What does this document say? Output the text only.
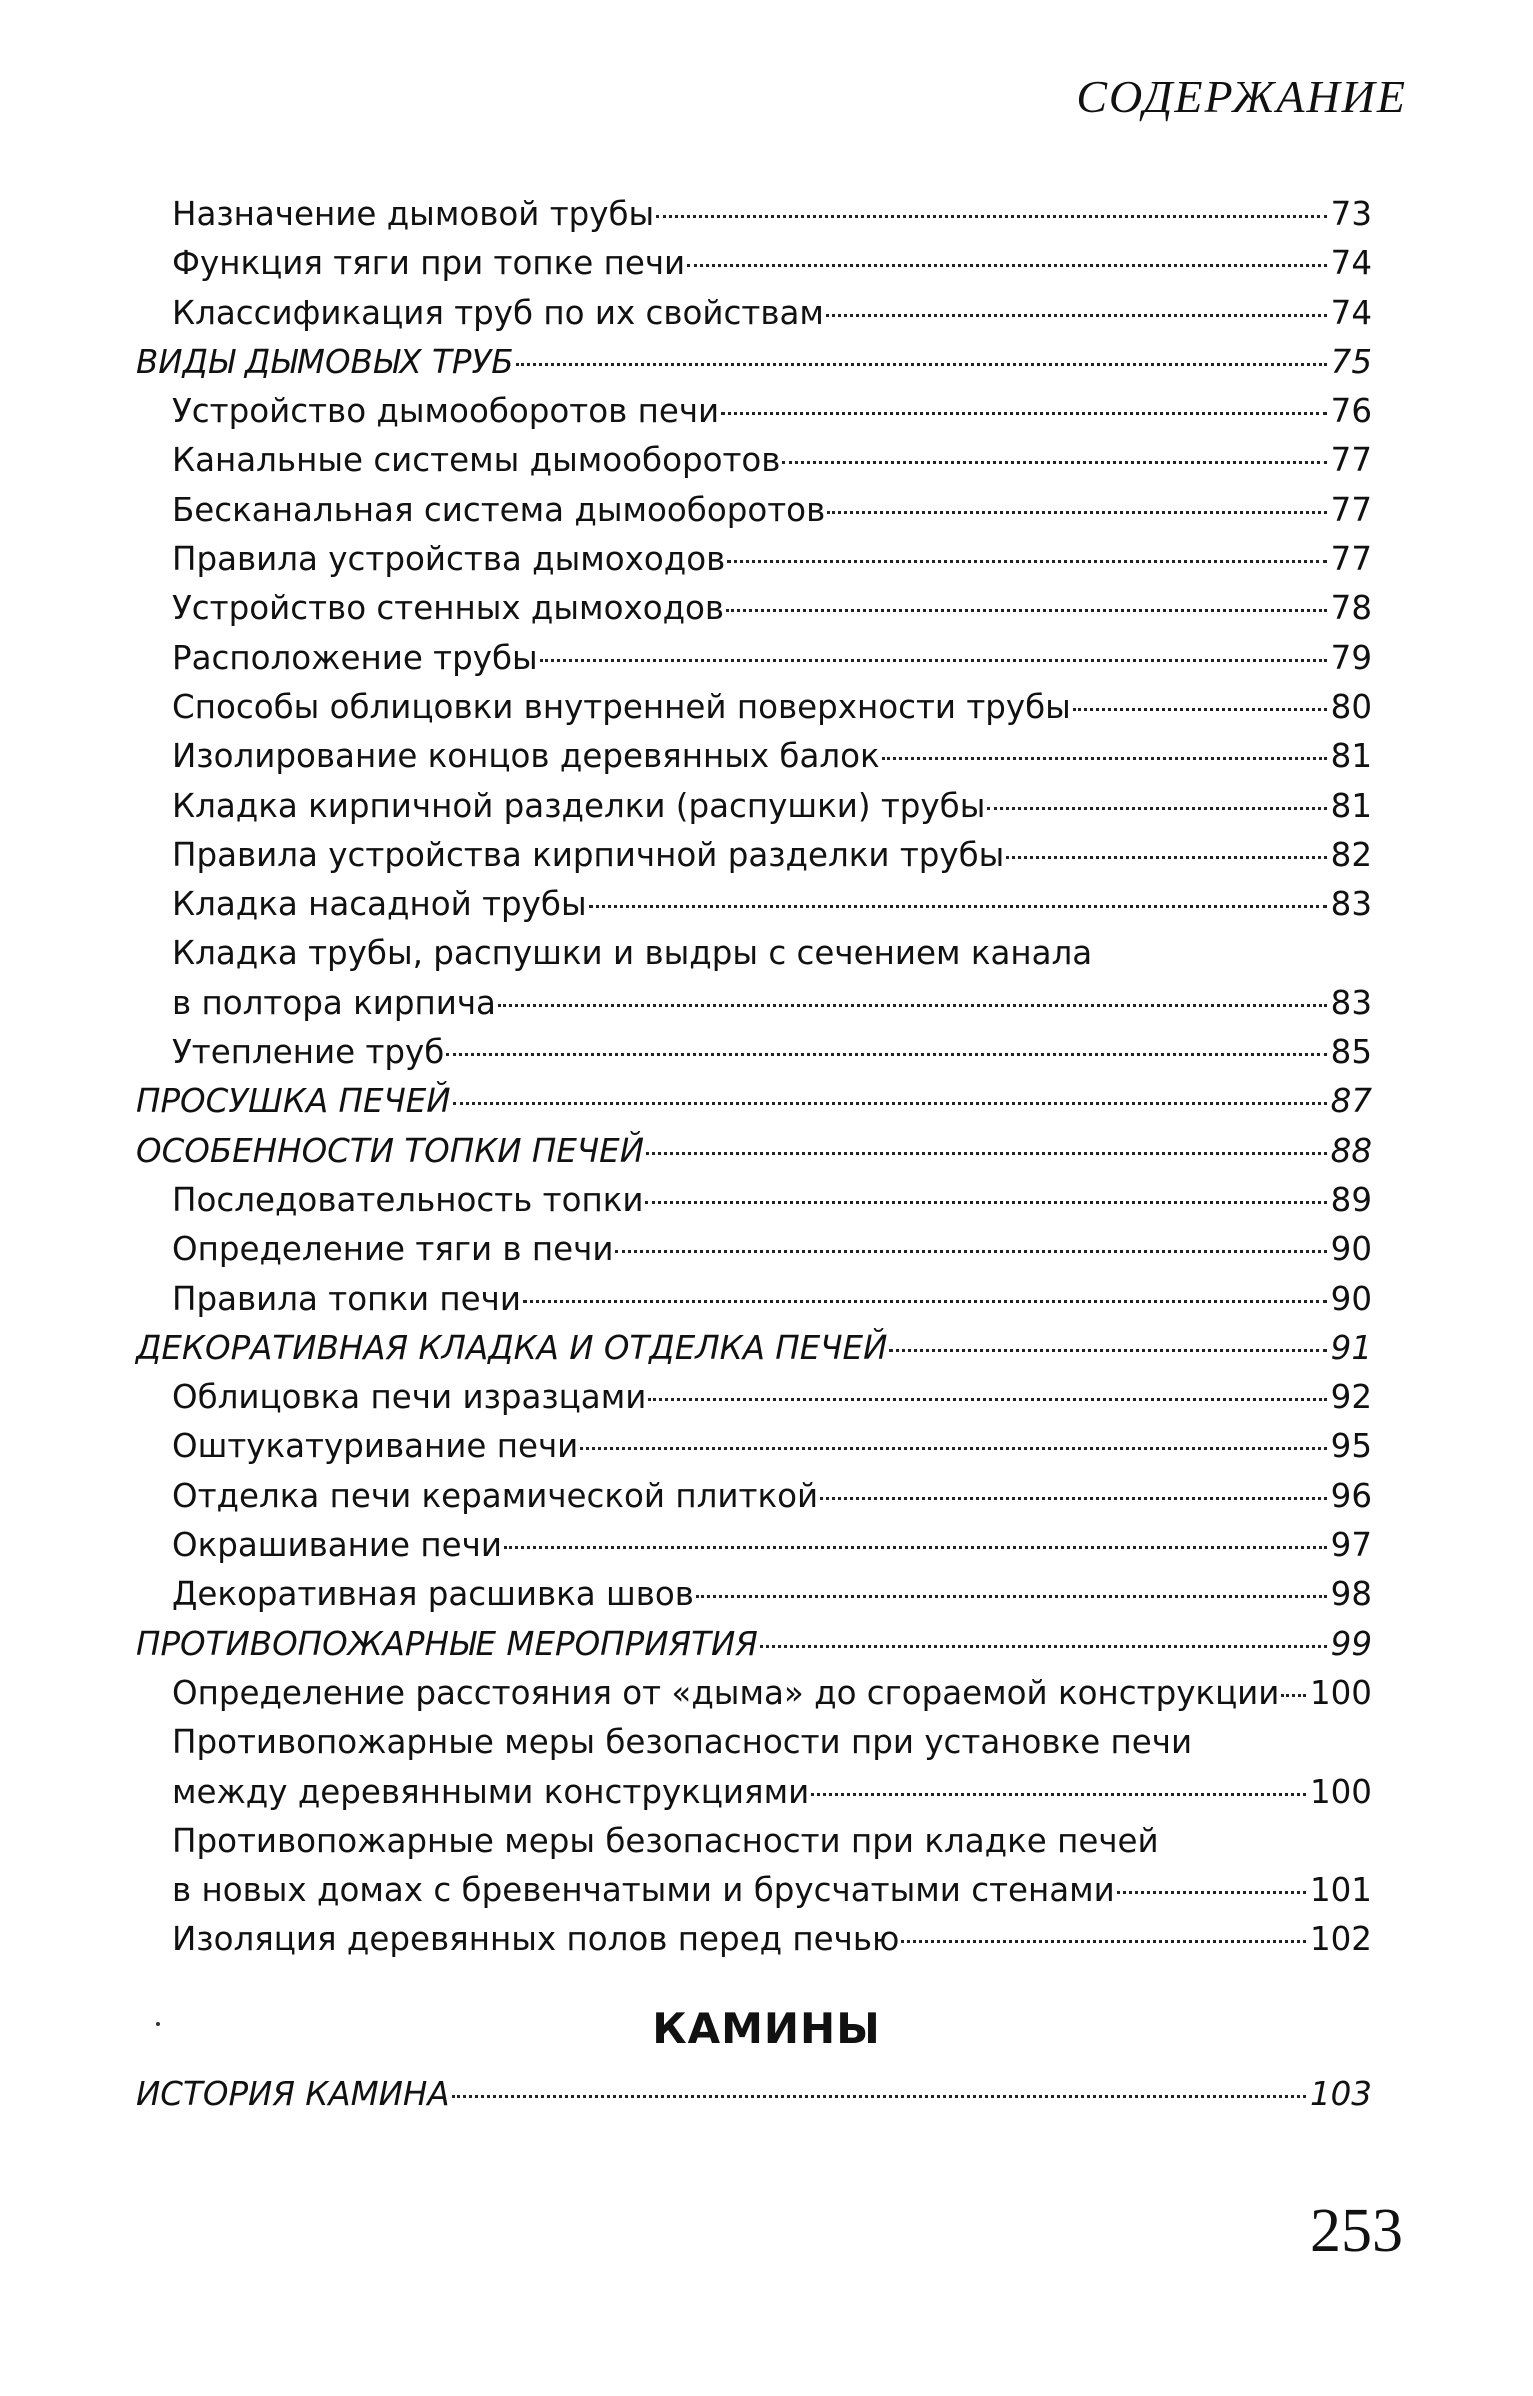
СОДЕРЖАНИЕ
Назначение дымовой трубы	73
Функция тяги при топке печи	74
Классификация труб по их свойствам	74
ВИДЫ ДЫМОВЫХ ТРУБ	75
Устройство дымооборотов печи	76
Канальные системы дымооборотов	77
Бесканальная система дымооборотов	77
Правила устройства дымоходов	77
Устройство стенных дымоходов	78
Расположение трубы	79
Способы облицовки внутренней поверхности трубы	80
Изолирование концов деревянных балок	81
Кладка кирпичной разделки (распушки) трубы	81
Правила устройства кирпичной разделки трубы	82
Кладка насадной трубы	83
Кладка трубы, распушки и выдры с сечением канала
в полтора кирпича	83
Утепление труб	85
ПРОСУШКА ПЕЧЕЙ	87
ОСОБЕННОСТИ ТОПКИ ПЕЧЕЙ	88
Последовательность топки	89
Определение тяги в печи	90
Правила топки печи	90
ДЕКОРАТИВНАЯ КЛАДКА И ОТДЕЛКА ПЕЧЕЙ	91
Облицовка печи изразцами	92
Оштукатуривание печи	95
Отделка печи керамической плиткой	96
Окрашивание печи	97
Декоративная расшивка швов	98
ПРОТИВОПОЖАРНЫЕ МЕРОПРИЯТИЯ	99
Определение расстояния от «дыма» до сгораемой конструкции 100
Противопожарные меры безопасности при установке печи
между деревянными конструкциями	100
Противопожарные меры безопасности при кладке печей
в новых домах с бревенчатыми и брусчатыми стенами	101
Изоляция деревянных полов перед печью	102
КАМИНЫ
ИСТОРИЯ КАМИНА	103
253
